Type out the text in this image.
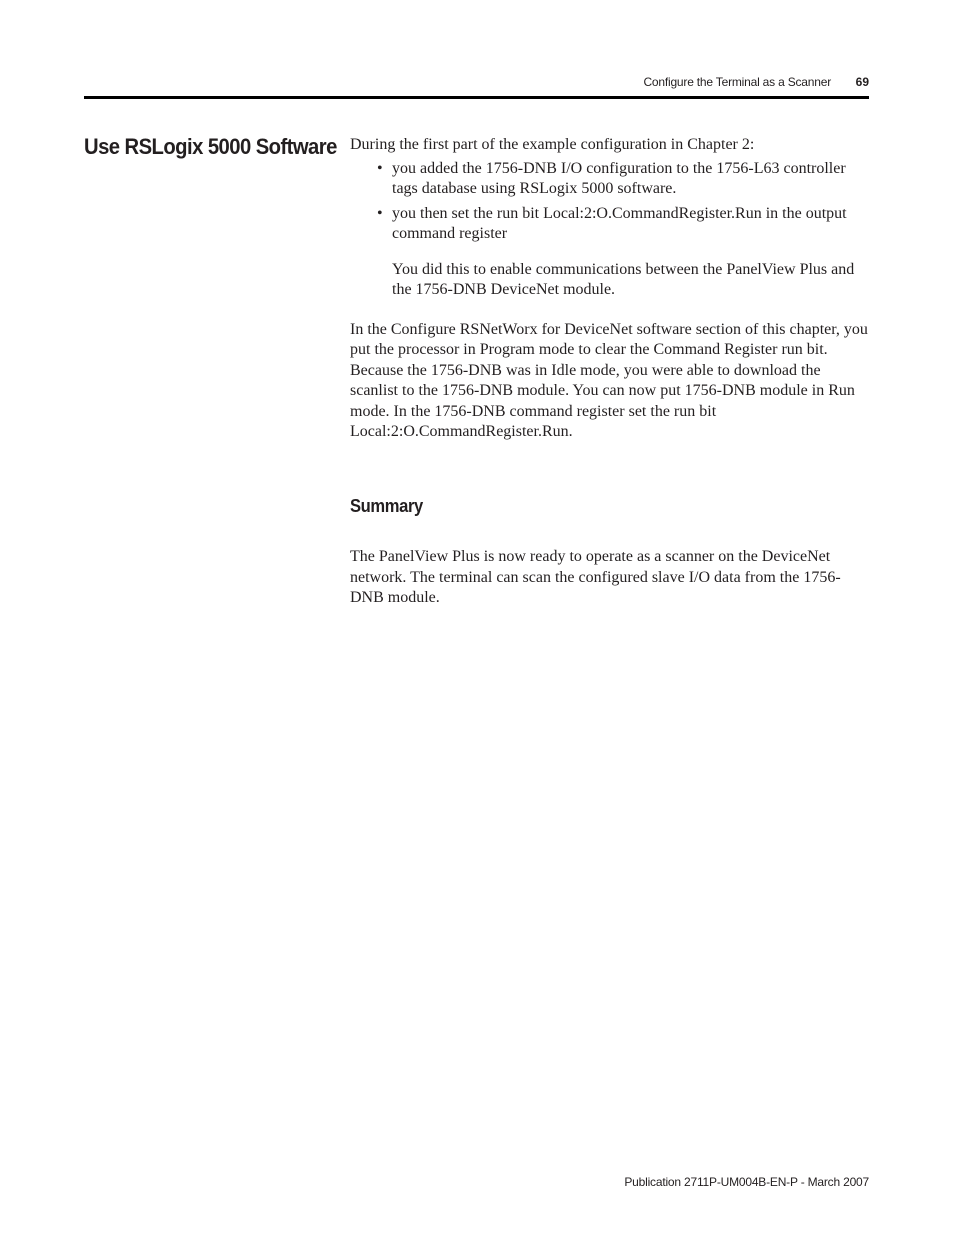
Configure the Terminal as a Scanner 69
Use RSLogix 5000 Software During the first part of the example configuration in Chapter 2:

• you added the 1756-DNB I/O configuration to the 1756-L63 controller tags database using RSLogix 5000 software.
• you then set the run bit Local:2:O.CommandRegister.Run in the output command register

You did this to enable communications between the PanelView Plus and the 1756-DNB DeviceNet module.

In the Configure RSNetWorx for DeviceNet software section of this chapter, you put the processor in Program mode to clear the Command Register run bit. Because the 1756-DNB was in Idle mode, you were able to download the scanlist to the 1756-DNB module. You can now put 1756-DNB module in Run mode. In the 1756-DNB command register set the run bit Local:2:O.CommandRegister.Run.

Summary

The PanelView Plus is now ready to operate as a scanner on the DeviceNet network. The terminal can scan the configured slave I/O data from the 1756-DNB module.

Publication 2711P-UM004B-EN-P - March 2007
